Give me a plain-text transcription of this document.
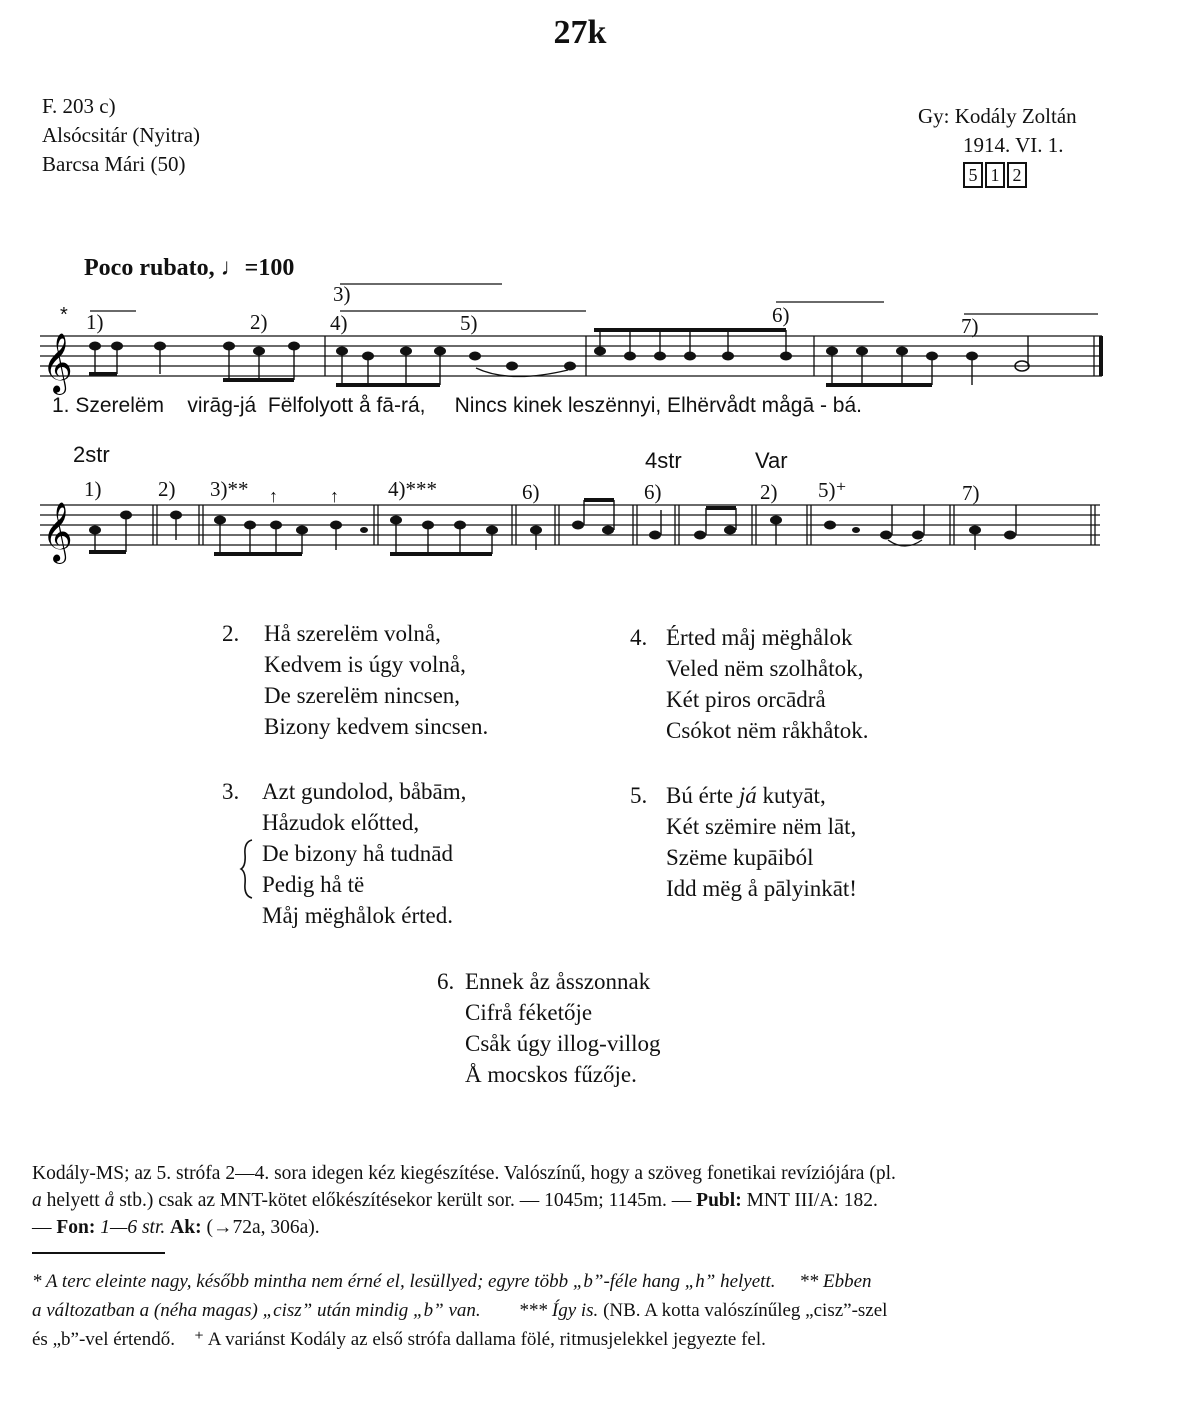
27k
F. 203 c)
Alsócsitár (Nyitra)
Barcsa Mári (50)
Gy: Kodály Zoltán
1914. VI. 1.
5 1 2
Poco rubato, ♩=100
𝄞
𝄞
* 1)	2)
3)
4)	5)	6)	7)
1. Szerelëm    virāg-já  Fëlfolyott å fā-rá,     Nincs kinek leszënnyi, Elhërvådt mågā - bá.
2str	4str	Var
1)	2) 3)** ↑	↑ 4)***	6)	6)	2) 5)⁺	7)
2. Hå szerelëm volnå,
Kedvem is úgy volnå,
De szerelëm nincsen,
Bizony kedvem sincsen.
4. Érted måj mëghålok
Veled nëm szolhåtok,
Két piros orcādrå
Csókot nëm råkhåtok.
3. Azt gundolod, båbām,
Håzudok előtted,
De bizony hå tudnād
Pedig hå të
Måj mëghålok érted.
5. Bú érte já kutyāt,
Két szëmire nëm lāt,
Szëme kupāiból
Idd mëg å pālyinkāt!
6. Ennek åz åsszonnak
Cifrå féketője
Csåk úgy illog-villog
Å mocskos fűzője.
Kodály-MS; az 5. strófa 2—4. sora idegen kéz kiegészítése. Valószínű, hogy a szöveg fonetikai revíziójára (pl.
a helyett å stb.) csak az MNT-kötet előkészítésekor került sor. — 1045m; 1145m. — Publ: MNT III/A: 182.
— Fon: 1—6 str. Ak: (→72a, 306a).
* A terc eleinte nagy, később mintha nem érné el, lesüllyed; egyre több „b”-féle hang „h” helyett. ** Ebben
a változatban a (néha magas) „cisz” után mindig „b” van. *** Így is. (NB. A kotta valószínűleg „cisz”-szel
és „b”-vel értendő. ⁺ A variánst Kodály az első strófa dallama fölé, ritmusjelekkel jegyezte fel.
